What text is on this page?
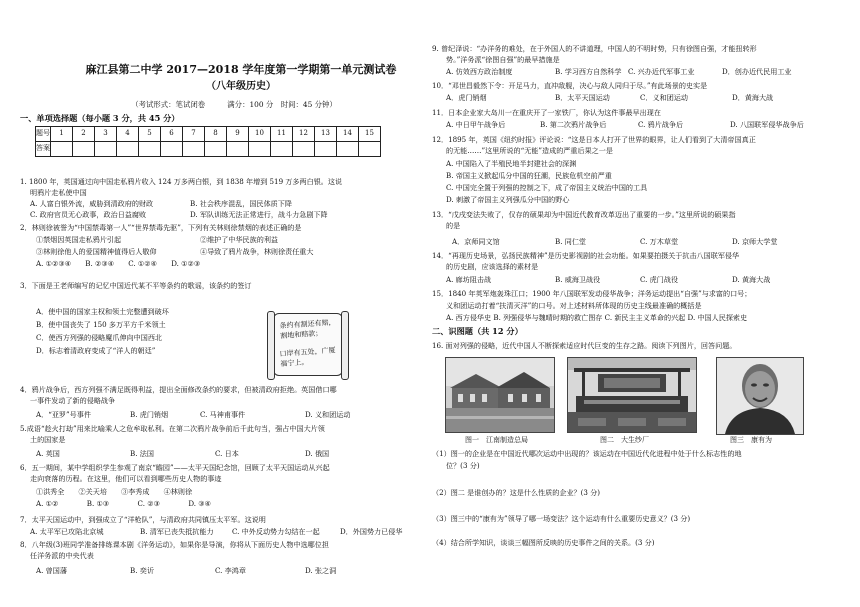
麻江县第二中学 2017—2018 学年度第一学期第一单元测试卷
（八年级历史）
（考试形式：笔试闭卷　　　满分：100 分　时间：45 分钟）
一、单项选择题（每小题 3 分，共 45 分）
题号	1	2	3	4	5	6	7	8	9	10	11	12	13	14	15
答案															
1. 1800 年，英国通过向中国走私鸦片收入 124 万多两白银，到 1838 年增到 519 万多两白银。这说
明鸦片走私使中国
A. 人富白银外流，威胁到清政府的财政	B. 社会秩序混乱，国民体质下降
C. 政府官员无心政事，政治日益腐败	D. 军队训练无法正常进行，战斗力急剧下降
2．林则徐被誉为“中国禁毒第一人”“世界禁毒先驱”，下列有关林则徐禁烟的表述正确的是
①禁烟因英国走私鸦片引起	②维护了中华民族的利益
③林则徐他人的爱国精神值得后人敬仰	④导致了鸦片战争，林则徐责任重大
A. ①②③④　　B. ②③④　　C. ①②④　　D. ①②③
3．下面是王老师编写的记忆中国近代某不平等条约的歌谣，该条约的签订
A．使中国的国家主权和领土完整遭到破坏
B．使中国丧失了 150 多万平方千米领土
C．使西方列强的侵略魔爪伸向中国西北
D．标志着清政府变成了“洋人的朝廷”
条约有割还有赔，割地和赔款；
口岸有五处，广厦福宁上。
4．鸦片战争后，西方列强不满足既得利益，提出全面修改条约的要求，但被清政府拒绝。英国借口哪
一事件发动了新的侵略战争
A．“亚罗”号事件	B. 虎门销烟	C. 马神甫事件	D. 义和团运动
5.成语“趁火打劫”用来比喻乘人之危牟取私利。在第二次鸦片战争前后千此句当，强占中国大片领
土的国家是
A. 英国	B. 法国	C. 日本	D. 俄国
6．五一期间，某中学组织学生参观了南京“瞻园”——太平天国纪念馆，回顾了太平天国运动从兴起
走向衰落的历程。在这里，他们可以看到哪些历史人物的事迹
①洪秀全　　②关天培　　③李秀成　　④林则徐
A. ①②　　　　B. ①③　　　　C. ②③　　　　D. ③④
7．太平天国运动中，到强成立了“洋枪队”，与清政府共同镇压太平军。这说明
A. 太平军已攻陷北京城	B. 清军已丧失抵抗能力	C. 中外反动势力勾结在一起	D．外国势力已侵华
8．八年级(3)班同学准备排练课本剧《洋务运动》，如果你是导演，你将从下面历史人物中选哪位担
任洋务派的中央代表
A. 曾国藩	B. 奕䜣	C. 李鸿章	D. 张之洞
9. 曾纪泽说：“办洋务的难处，在于外国人的不讲道理，中国人的不明时势，只有徐图自强，才能扭转形
势。”洋务派“徐图自强”的最早措施是
A. 仿效西方政治制度	B. 学习西方自然科学 C. 兴办近代军事工业	D．创办近代民用工业
10．“邓世昌毅然下令：开足马力，直冲敌舰，决心与敌人同归于尽。”有此场景的史实是
A．虎门销烟	B．太平天国运动	C．义和团运动	D．黄海大战
11．日本企业家大岛川一在重庆开了一家铁厂，你认为这件事最早出现在
A. 中日甲午战争后	B. 第二次鸦片战争后	C. 鸦片战争后	D. 八国联军侵华战争后
12．1895 年，英国《纽约时报》评论说：“这是日本人打开了世界的眼界，让人们看到了大清帝国真正
的无能……”这里所说的“无能”造成的严重后果之一是
A. 中国陷入了半殖民地半封建社会的深渊
B. 帝国主义掀起瓜分中国的狂潮，民族危机空前严重
C. 中国完全置于列强的控制之下，成了帝国主义统治中国的工具
D. 刺激了帝国主义列强瓜分中国的野心
13．“戊戌变法失败了，仅存的硕果却为中国近代教育改革迈出了重要的一步。”这里所说的硕果指
的是
A．京师同文馆	B. 同仁堂	C. 万木草堂	D. 京师大学堂
14．“再现历史场景，弘扬民族精神”是历史影视剧的社会功能。如果要拍摄关于抗击八国联军侵华
的历史剧，应该选择的素材是
A. 廊坊阻击战	B. 威海卫战役	C. 虎门战役	D. 黄海大战
15．1840 年英军炮轰珠江口；1900 年八国联军发动侵华战争；洋务运动提出“自强”与求富的口号；
义和团运动打着“扶清灭洋”的口号。对上述材料所体现的历史主线最准确的概括是
A. 西方侵华史 B. 列强侵华与魏晴时期的救亡图存 C. 新民主主义革命的兴起 D. 中国人民探索史
二、识图题（共 12 分）
16. 面对列强的侵略，近代中国人不断探索适应时代巨变的生存之路。阅读下列图片，回答问题。
图一　江南制造总局	图二　大生纱厂	图三　康有为
（1）图一的企业是在中国近代哪次运动中出现的？该运动在中国近代化进程中处于什么标志性的地
位？(3 分)
（2）图二 是谁创办的？这是什么性质的企业？(3 分)
（3）图三中的“康有为”领导了哪一场变法？这个运动有什么重要历史意义？(3 分)
（4）结合所学知识，谈谈三幅图所反映的历史事件之间的关系。(3 分)
